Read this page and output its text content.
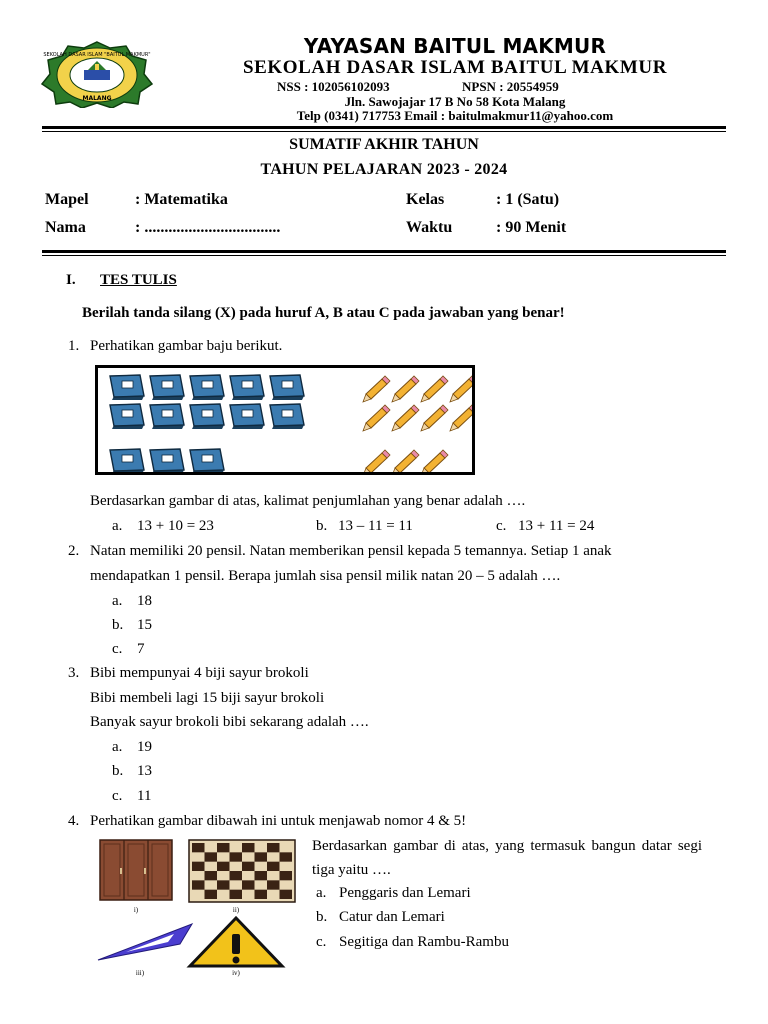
SEKOLAH DASAR ISLAM "BAITUL MAKMUR"
MALANG
YAYASAN BAITUL MAKMUR
SEKOLAH DASAR ISLAM BAITUL MAKMUR
NSS : 102056102093	NPSN : 20554959
Jln. Sawojajar 17 B No 58 Kota Malang
Telp (0341) 717753 Email : baitulmakmur11@yahoo.com
SUMATIF AKHIR TAHUN
TAHUN PELAJARAN 2023 - 2024
Mapel	: Matematika	Kelas	: 1 (Satu)
Nama	: ..................................	Waktu	: 90 Menit
I. TES TULIS
Berilah tanda silang (X) pada huruf A, B atau C pada jawaban yang benar!
1. Perhatikan gambar baju berikut.
Berdasarkan gambar di atas, kalimat penjumlahan yang benar adalah ….
a. 13 + 10 = 23	b. 13 – 11 = 11	c. 13 + 11 = 24
2. Natan memiliki 20 pensil. Natan memberikan pensil kepada 5 temannya. Setiap 1 anak
mendapatkan 1 pensil. Berapa jumlah sisa pensil milik natan 20 – 5 adalah ….
a. 18
b. 15
c. 7
3. Bibi mempunyai 4 biji sayur brokoli
Bibi membeli lagi 15 biji sayur brokoli
Banyak sayur brokoli bibi sekarang adalah ….
a. 19
b. 13
c. 11
4. Perhatikan gambar dibawah ini untuk menjawab nomor 4 & 5!
i)	ii)
iii)	iv)
Berdasarkan gambar di atas, yang termasuk bangun datar segi tiga yaitu ….
a. Penggaris dan Lemari
b. Catur dan Lemari
c. Segitiga dan Rambu-Rambu
